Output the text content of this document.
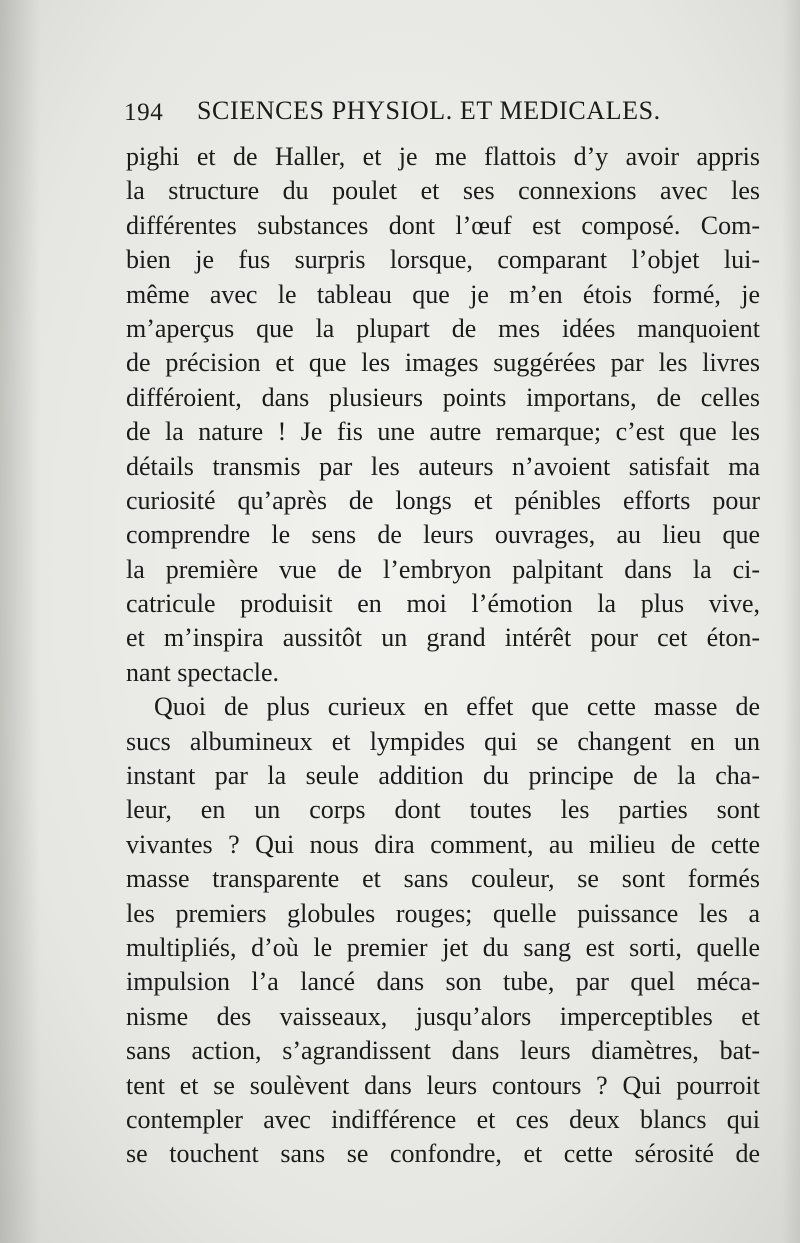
194 SCIENCES PHYSIOL. ET MEDICALES.
pighi et de Haller, et je me flattois d’y avoir appris
la structure du poulet et ses connexions avec les
différentes substances dont l’œuf est composé. Com-
bien je fus surpris lorsque, comparant l’objet lui-
même avec le tableau que je m’en étois formé, je
m’aperçus que la plupart de mes idées manquoient
de précision et que les images suggérées par les livres
différoient, dans plusieurs points importans, de celles
de la nature ! Je fis une autre remarque; c’est que les
détails transmis par les auteurs n’avoient satisfait ma
curiosité qu’après de longs et pénibles efforts pour
comprendre le sens de leurs ouvrages, au lieu que
la première vue de l’embryon palpitant dans la ci-
catricule produisit en moi l’émotion la plus vive,
et m’inspira aussitôt un grand intérêt pour cet éton-
nant spectacle.
Quoi de plus curieux en effet que cette masse de
sucs albumineux et lympides qui se changent en un
instant par la seule addition du principe de la cha-
leur, en un corps dont toutes les parties sont
vivantes ? Qui nous dira comment, au milieu de cette
masse transparente et sans couleur, se sont formés
les premiers globules rouges; quelle puissance les a
multipliés, d’où le premier jet du sang est sorti, quelle
impulsion l’a lancé dans son tube, par quel méca-
nisme des vaisseaux, jusqu’alors imperceptibles et
sans action, s’agrandissent dans leurs diamètres, bat-
tent et se soulèvent dans leurs contours ? Qui pourroit
contempler avec indifférence et ces deux blancs qui
se touchent sans se confondre, et cette sérosité de
